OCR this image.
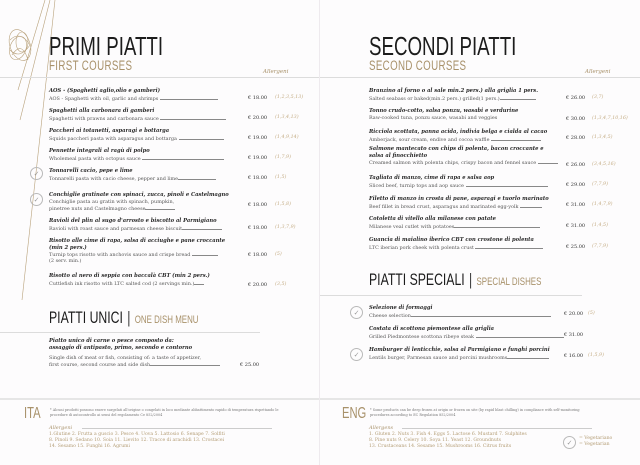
PRIMI PIATTI
FIRST COURSES	Allergeni
AOS - (Spaghetti aglio,olio e gamberi)
AOS - Spaghetti with oil, garlic and shrimps	€ 18.00 (1,2,3,5,13)
Spaghetti alla carbonara di gamberi
Spaghetti with prawns and carbonara sauce	€ 20.00 (1,3,4,13)
Paccheri ai totanetti, asparagi e bottarga
Squids paccheri pasta with asparagus and bottarga	€ 19.00 (1,4,9,14)
Pennette integrali al ragù di polpo
Wholemeal pasta with octopus sauce	€ 19.00 (1,7,9)
✓	Tonnarelli cacio, pepe e lime
Tonnarelli pasta with cacio cheese, pepper and lime	€ 18.00 (1,5)
✓
Conchiglie gratinate con spinaci, zucca, pinoli e Castelmagno
Conchiglie pasta au gratin with spinach, pumpkin,
pinetree nuts and Castelmagno cheese
€ 18.00 (1,5,8)
Ravioli del plin al sugo d'arrosto e biscotto al Parmigiano
Ravioli with roast sauce and parmesan cheese biscuit	€ 18.00 (1,3,7,9)
Risotto alle cime di rapa, salsa di acciughe e pane croccante
(min 2 pers.)
Turnip tops risotto with anchovis sauce and crispe bread
(2 serv. min.)
€ 18.00 (5)
Risotto al nero di seppia con baccalà CBT (min 2 pers.)
Cuttlefish ink risotto with LTC salted cod (2 servings min.)	€ 20.00 (3,5)
PIATTI UNICI | ONE DISH MENU
Piatto unico di carne o pesce composto da:
assaggio di antipasto, primo, secondo e contorno
Single dish of meat or fish, consisting of: a taste of appetizer,
first course, second course and side dish	€ 25.00
ITA	* Alcuni prodotti possono essere surgelati all'origine o congelati in loco mediante abbattimento rapido di temperatura rispettando le procedure di autocontrollo ai sensi del regolamento Ce 852/2004
Allergeni
1.Glutine 2. Frutta a guscio 3. Pesce 4. Uova 5. Lattosio 6. Senape 7. Solfiti
8. Pinoli 9. Sedano 10. Soia 11. Lievito 12. Tracce di arachidi 13. Crostacei
14. Sesamo 15. Funghi 16. Agrumi
SECONDI PIATTI
SECOND COURSES	Allergeni
Branzino al forno o al sale min.2 pers.) alla griglia 1 pers.
Salted seabass or baked(min.2 pers.) grilled(1 pers.)	€ 26.00 (3,7)
Tonno crudo-cotto, salsa ponzu, wasabi e verdurine
Raw-cooked tuna, ponzu sauce, wasabi and veggies	€ 30.00 (1,3,4,7,10,16)
Ricciola scottata, panna acida, indivia belga e cialda al cacao
Amberjack, sour cream, endive and cocoa waffle	€ 28.00 (1,3,4,5)
Salmone mantecato con chips di polenta, bacon croccante e
salsa al finocchietto
Creamed salmon with polenta chips, crispy bacon and fennel sauce	€ 26.00 (3,4,5,16)
Tagliata di manzo, cime di rapa e salsa aop
Sliced beef, turnip tops and aop sauce	€ 29.00 (7,7,9)
Filetto di manzo in crosta di pane, asparagi e tuorlo marinato
Beef fillet in bread crust, asparagus and marinated egg-yolk	€ 31.00 (1,4,7,9)
Cotoletta di vitello alla milanese con patate
Milanese veal cutlet with potatoes	€ 31.00 (1,4,5)
Guancia di maialino iberico CBT con crostone di polenta
LTC iberian pork cheek with polenta crust	€ 25.00 (7,7,9)
PIATTI SPECIALI | SPECIAL DISHES
✓
Selezione di formaggi
Cheese selection	€ 20.00 (5)
Costata di scottona piemontese alla griglia
Grilled Piedmontese scottona ribeye steak	€ 31.00
✓
Hamburger di lenticchie, salsa al Parmigiano e funghi porcini
Lentils burger, Parmesan sauce and porcini mushrooms	€ 16.00 (1,5,9)
ENG * Some products can be deep frozen at origin or frozen on site (by rapid blast chilling) in compliance with self-monitoring procedures according to EC Regulation 852/2004
Allergens
1. Gluten 2. Nuts 3. Fish 4. Eggs 5. Lactose 6. Mustard 7. Sulphites
8. Pine nuts 9. Celery 10. Soya 11. Yeast 12. Groundnuts
13. Crustaceans 14. Sesame 15. Mushrooms 16. Citrus fruits	✓	= Vegetariano
= Vegetarian
